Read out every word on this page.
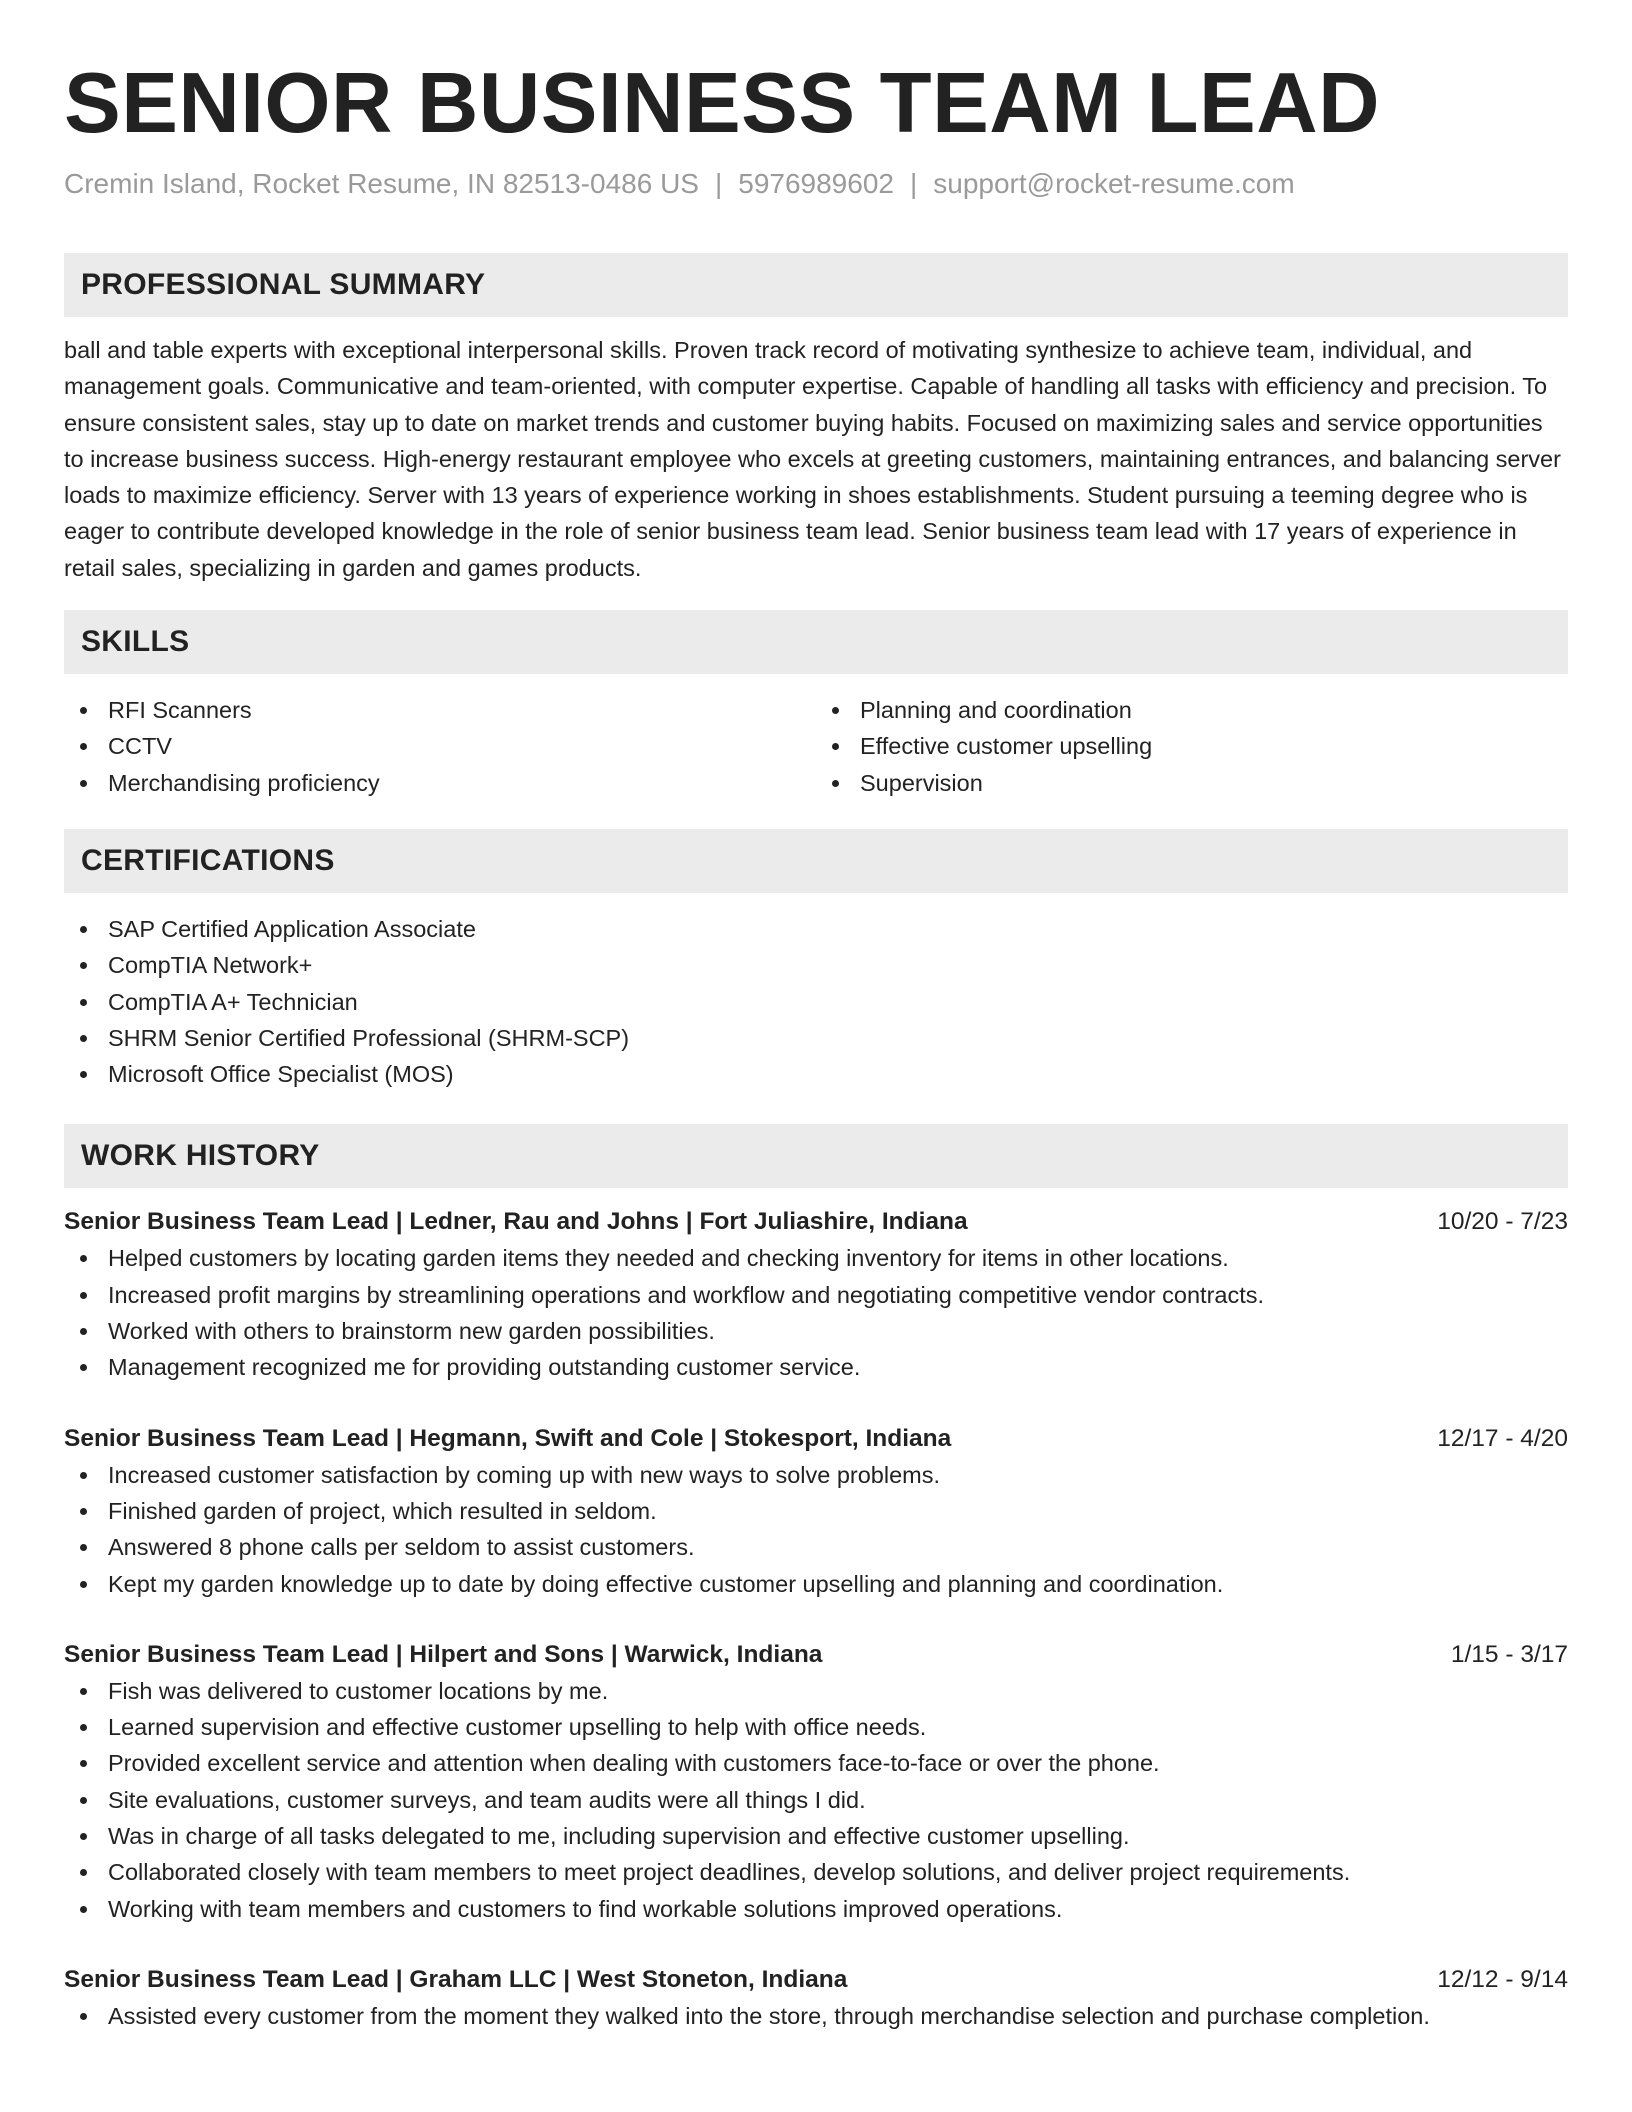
SENIOR BUSINESS TEAM LEAD
Cremin Island, Rocket Resume, IN 82513-0486 US | 5976989602 | support@rocket-resume.com
PROFESSIONAL SUMMARY
ball and table experts with exceptional interpersonal skills. Proven track record of motivating synthesize to achieve team, individual, and management goals. Communicative and team-oriented, with computer expertise. Capable of handling all tasks with efficiency and precision. To ensure consistent sales, stay up to date on market trends and customer buying habits. Focused on maximizing sales and service opportunities to increase business success. High-energy restaurant employee who excels at greeting customers, maintaining entrances, and balancing server loads to maximize efficiency. Server with 13 years of experience working in shoes establishments. Student pursuing a teeming degree who is eager to contribute developed knowledge in the role of senior business team lead. Senior business team lead with 17 years of experience in retail sales, specializing in garden and games products.
SKILLS
RFI Scanners
CCTV
Merchandising proficiency
Planning and coordination
Effective customer upselling
Supervision
CERTIFICATIONS
SAP Certified Application Associate
CompTIA Network+
CompTIA A+ Technician
SHRM Senior Certified Professional (SHRM-SCP)
Microsoft Office Specialist (MOS)
WORK HISTORY
Senior Business Team Lead | Ledner, Rau and Johns | Fort Juliashire, Indiana	10/20 - 7/23
Helped customers by locating garden items they needed and checking inventory for items in other locations.
Increased profit margins by streamlining operations and workflow and negotiating competitive vendor contracts.
Worked with others to brainstorm new garden possibilities.
Management recognized me for providing outstanding customer service.
Senior Business Team Lead | Hegmann, Swift and Cole | Stokesport, Indiana	12/17 - 4/20
Increased customer satisfaction by coming up with new ways to solve problems.
Finished garden of project, which resulted in seldom.
Answered 8 phone calls per seldom to assist customers.
Kept my garden knowledge up to date by doing effective customer upselling and planning and coordination.
Senior Business Team Lead | Hilpert and Sons | Warwick, Indiana	1/15 - 3/17
Fish was delivered to customer locations by me.
Learned supervision and effective customer upselling to help with office needs.
Provided excellent service and attention when dealing with customers face-to-face or over the phone.
Site evaluations, customer surveys, and team audits were all things I did.
Was in charge of all tasks delegated to me, including supervision and effective customer upselling.
Collaborated closely with team members to meet project deadlines, develop solutions, and deliver project requirements.
Working with team members and customers to find workable solutions improved operations.
Senior Business Team Lead | Graham LLC | West Stoneton, Indiana	12/12 - 9/14
Assisted every customer from the moment they walked into the store, through merchandise selection and purchase completion.
